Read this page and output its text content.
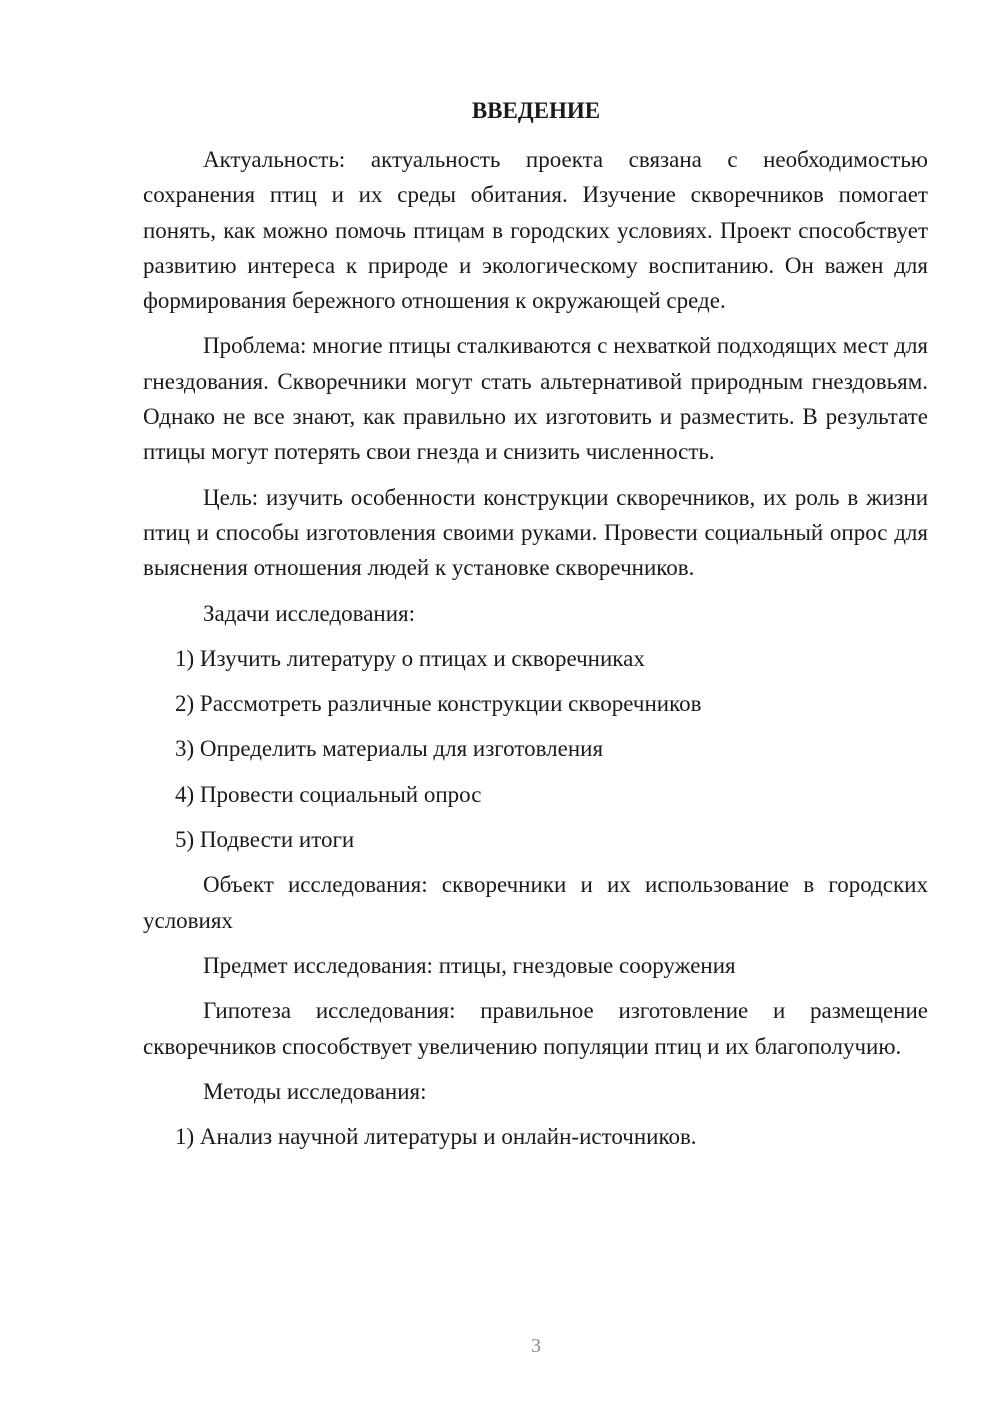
ВВЕДЕНИЕ

Актуальность: актуальность проекта связана с необходимостью сохранения птиц и их среды обитания. Изучение скворечников помогает понять, как можно помочь птицам в городских условиях. Проект способствует развитию интереса к природе и экологическому воспитанию. Он важен для формирования бережного отношения к окружающей среде.

Проблема: многие птицы сталкиваются с нехваткой подходящих мест для гнездования. Скворечники могут стать альтернативой природным гнездовьям. Однако не все знают, как правильно их изготовить и разместить. В результате птицы могут потерять свои гнезда и снизить численность.

Цель: изучить особенности конструкции скворечников, их роль в жизни птиц и способы изготовления своими руками. Провести социальный опрос для выяснения отношения людей к установке скворечников.

Задачи исследования:

1) Изучить литературу о птицах и скворечниках
2) Рассмотреть различные конструкции скворечников
3) Определить материалы для изготовления
4) Провести социальный опрос
5) Подвести итоги

Объект исследования: скворечники и их использование в городских условиях

Предмет исследования: птицы, гнездовые сооружения

Гипотеза исследования: правильное изготовление и размещение скворечников способствует увеличению популяции птиц и их благополучию.

Методы исследования:

1) Анализ научной литературы и онлайн-источников.
3
